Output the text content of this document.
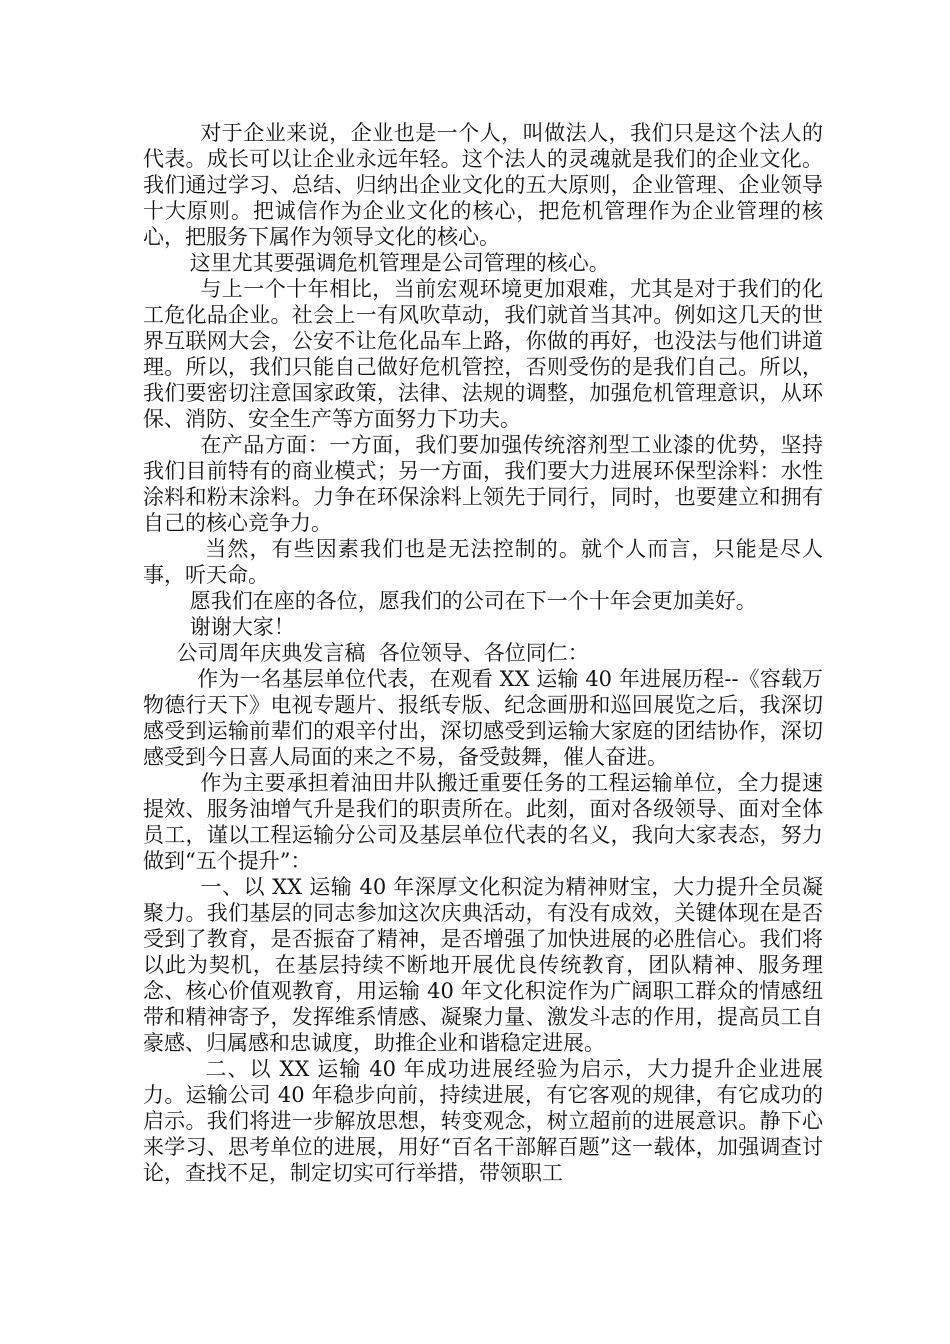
对于企业来说，企业也是一个人，叫做法人，我们只是这个法人的代表。成长可以让企业永远年轻。这个法人的灵魂就是我们的企业文化。我们通过学习、总结、归纳出企业文化的五大原则，企业管理、企业领导十大原则。把诚信作为企业文化的核心，把危机管理作为企业管理的核心，把服务下属作为领导文化的核心。

这里尤其要强调危机管理是公司管理的核心。

与上一个十年相比，当前宏观环境更加艰难，尤其是对于我们的化工危化品企业。社会上一有风吹草动，我们就首当其冲。例如这几天的世界互联网大会，公安不让危化品车上路，你做的再好，也没法与他们讲道理。所以，我们只能自己做好危机管控，否则受伤的是我们自己。所以，我们要密切注意国家政策，法律、法规的调整，加强危机管理意识，从环保、消防、安全生产等方面努力下功夫。

在产品方面：一方面，我们要加强传统溶剂型工业漆的优势，坚持我们目前特有的商业模式；另一方面，我们要大力进展环保型涂料：水性涂料和粉末涂料。力争在环保涂料上领先于同行，同时，也要建立和拥有自己的核心竞争力。

当然，有些因素我们也是无法控制的。就个人而言，只能是尽人事，听天命。

愿我们在座的各位，愿我们的公司在下一个十年会更加美好。

谢谢大家！

公司周年庆典发言稿  各位领导、各位同仁：

作为一名基层单位代表，在观看 XX 运输 40 年进展历程--《容载万物德行天下》电视专题片、报纸专版、纪念画册和巡回展览之后，我深切感受到运输前辈们的艰辛付出，深切感受到运输大家庭的团结协作，深切感受到今日喜人局面的来之不易，备受鼓舞，催人奋进。

作为主要承担着油田井队搬迁重要任务的工程运输单位，全力提速提效、服务油增气升是我们的职责所在。此刻，面对各级领导、面对全体员工，谨以工程运输分公司及基层单位代表的名义，我向大家表态，努力做到“五个提升”：

一、以 XX 运输 40 年深厚文化积淀为精神财宝，大力提升全员凝聚力。我们基层的同志参加这次庆典活动，有没有成效，关键体现在是否受到了教育，是否振奋了精神，是否增强了加快进展的必胜信心。我们将以此为契机，在基层持续不断地开展优良传统教育，团队精神、服务理念、核心价值观教育，用运输 40 年文化积淀作为广阔职工群众的情感纽带和精神寄予，发挥维系情感、凝聚力量、激发斗志的作用，提高员工自豪感、归属感和忠诚度，助推企业和谐稳定进展。

二、以 XX 运输 40 年成功进展经验为启示，大力提升企业进展力。运输公司 40 年稳步向前，持续进展，有它客观的规律，有它成功的启示。我们将进一步解放思想，转变观念，树立超前的进展意识。静下心来学习、思考单位的进展，用好“百名干部解百题”这一载体，加强调查讨论，查找不足，制定切实可行举措，带领职工
